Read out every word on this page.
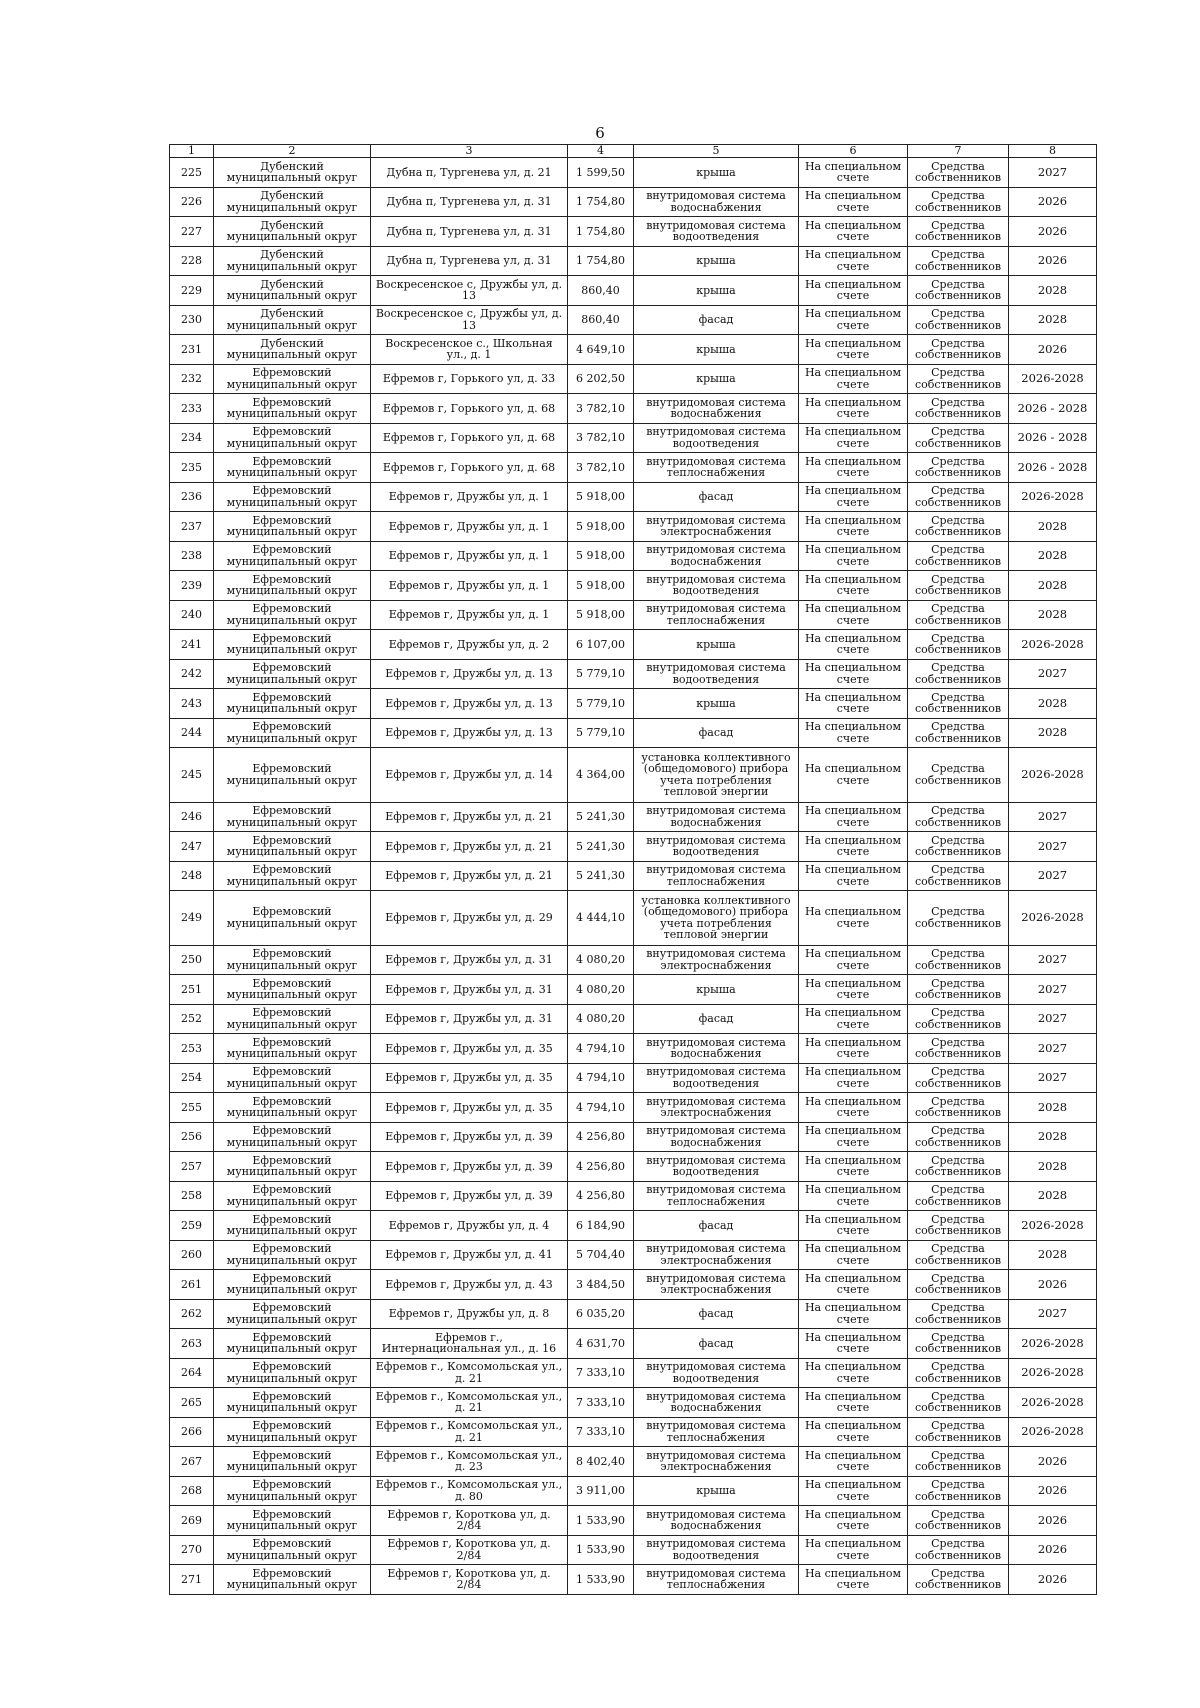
6
1	2	3	4	5	6	7	8
225	Дубенский муниципальный округ	Дубна п, Тургенева ул, д. 21	1 599,50	крыша	На специальном счете	Средства собственников	2027
226	Дубенский муниципальный округ	Дубна п, Тургенева ул, д. 31	1 754,80	внутридомовая система водоснабжения	На специальном счете	Средства собственников	2026
227	Дубенский муниципальный округ	Дубна п, Тургенева ул, д. 31	1 754,80	внутридомовая система водоотведения	На специальном счете	Средства собственников	2026
228	Дубенский муниципальный округ	Дубна п, Тургенева ул, д. 31	1 754,80	крыша	На специальном счете	Средства собственников	2026
229	Дубенский муниципальный округ	Воскресенское с, Дружбы ул, д. 13	860,40	крыша	На специальном счете	Средства собственников	2028
230	Дубенский муниципальный округ	Воскресенское с, Дружбы ул, д. 13	860,40	фасад	На специальном счете	Средства собственников	2028
231	Дубенский муниципальный округ	Воскресенское с., Школьная ул., д. 1	4 649,10	крыша	На специальном счете	Средства собственников	2026
232	Ефремовский муниципальный округ	Ефремов г, Горького ул, д. 33	6 202,50	крыша	На специальном счете	Средства собственников	2026-2028
233	Ефремовский муниципальный округ	Ефремов г, Горького ул, д. 68	3 782,10	внутридомовая система водоснабжения	На специальном счете	Средства собственников	2026 - 2028
234	Ефремовский муниципальный округ	Ефремов г, Горького ул, д. 68	3 782,10	внутридомовая система водоотведения	На специальном счете	Средства собственников	2026 - 2028
235	Ефремовский муниципальный округ	Ефремов г, Горького ул, д. 68	3 782,10	внутридомовая система теплоснабжения	На специальном счете	Средства собственников	2026 - 2028
236	Ефремовский муниципальный округ	Ефремов г, Дружбы ул, д. 1	5 918,00	фасад	На специальном счете	Средства собственников	2026-2028
237	Ефремовский муниципальный округ	Ефремов г, Дружбы ул, д. 1	5 918,00	внутридомовая система электроснабжения	На специальном счете	Средства собственников	2028
238	Ефремовский муниципальный округ	Ефремов г, Дружбы ул, д. 1	5 918,00	внутридомовая система водоснабжения	На специальном счете	Средства собственников	2028
239	Ефремовский муниципальный округ	Ефремов г, Дружбы ул, д. 1	5 918,00	внутридомовая система водоотведения	На специальном счете	Средства собственников	2028
240	Ефремовский муниципальный округ	Ефремов г, Дружбы ул, д. 1	5 918,00	внутридомовая система теплоснабжения	На специальном счете	Средства собственников	2028
241	Ефремовский муниципальный округ	Ефремов г, Дружбы ул, д. 2	6 107,00	крыша	На специальном счете	Средства собственников	2026-2028
242	Ефремовский муниципальный округ	Ефремов г, Дружбы ул, д. 13	5 779,10	внутридомовая система водоотведения	На специальном счете	Средства собственников	2027
243	Ефремовский муниципальный округ	Ефремов г, Дружбы ул, д. 13	5 779,10	крыша	На специальном счете	Средства собственников	2028
244	Ефремовский муниципальный округ	Ефремов г, Дружбы ул, д. 13	5 779,10	фасад	На специальном счете	Средства собственников	2028
245	Ефремовский муниципальный округ	Ефремов г, Дружбы ул, д. 14	4 364,00	установка коллективного (общедомового) прибора учета потребления тепловой энергии	На специальном счете	Средства собственников	2026-2028
246	Ефремовский муниципальный округ	Ефремов г, Дружбы ул, д. 21	5 241,30	внутридомовая система водоснабжения	На специальном счете	Средства собственников	2027
247	Ефремовский муниципальный округ	Ефремов г, Дружбы ул, д. 21	5 241,30	внутридомовая система водоотведения	На специальном счете	Средства собственников	2027
248	Ефремовский муниципальный округ	Ефремов г, Дружбы ул, д. 21	5 241,30	внутридомовая система теплоснабжения	На специальном счете	Средства собственников	2027
249	Ефремовский муниципальный округ	Ефремов г, Дружбы ул, д. 29	4 444,10	установка коллективного (общедомового) прибора учета потребления тепловой энергии	На специальном счете	Средства собственников	2026-2028
250	Ефремовский муниципальный округ	Ефремов г, Дружбы ул, д. 31	4 080,20	внутридомовая система электроснабжения	На специальном счете	Средства собственников	2027
251	Ефремовский муниципальный округ	Ефремов г, Дружбы ул, д. 31	4 080,20	крыша	На специальном счете	Средства собственников	2027
252	Ефремовский муниципальный округ	Ефремов г, Дружбы ул, д. 31	4 080,20	фасад	На специальном счете	Средства собственников	2027
253	Ефремовский муниципальный округ	Ефремов г, Дружбы ул, д. 35	4 794,10	внутридомовая система водоснабжения	На специальном счете	Средства собственников	2027
254	Ефремовский муниципальный округ	Ефремов г, Дружбы ул, д. 35	4 794,10	внутридомовая система водоотведения	На специальном счете	Средства собственников	2027
255	Ефремовский муниципальный округ	Ефремов г, Дружбы ул, д. 35	4 794,10	внутридомовая система электроснабжения	На специальном счете	Средства собственников	2028
256	Ефремовский муниципальный округ	Ефремов г, Дружбы ул, д. 39	4 256,80	внутридомовая система водоснабжения	На специальном счете	Средства собственников	2028
257	Ефремовский муниципальный округ	Ефремов г, Дружбы ул, д. 39	4 256,80	внутридомовая система водоотведения	На специальном счете	Средства собственников	2028
258	Ефремовский муниципальный округ	Ефремов г, Дружбы ул, д. 39	4 256,80	внутридомовая система теплоснабжения	На специальном счете	Средства собственников	2028
259	Ефремовский муниципальный округ	Ефремов г, Дружбы ул, д. 4	6 184,90	фасад	На специальном счете	Средства собственников	2026-2028
260	Ефремовский муниципальный округ	Ефремов г, Дружбы ул, д. 41	5 704,40	внутридомовая система электроснабжения	На специальном счете	Средства собственников	2028
261	Ефремовский муниципальный округ	Ефремов г, Дружбы ул, д. 43	3 484,50	внутридомовая система электроснабжения	На специальном счете	Средства собственников	2026
262	Ефремовский муниципальный округ	Ефремов г, Дружбы ул, д. 8	6 035,20	фасад	На специальном счете	Средства собственников	2027
263	Ефремовский муниципальный округ	Ефремов г., Интернациональная ул., д. 16	4 631,70	фасад	На специальном счете	Средства собственников	2026-2028
264	Ефремовский муниципальный округ	Ефремов г., Комсомольская ул., д. 21	7 333,10	внутридомовая система водоотведения	На специальном счете	Средства собственников	2026-2028
265	Ефремовский муниципальный округ	Ефремов г., Комсомольская ул., д. 21	7 333,10	внутридомовая система водоснабжения	На специальном счете	Средства собственников	2026-2028
266	Ефремовский муниципальный округ	Ефремов г., Комсомольская ул., д. 21	7 333,10	внутридомовая система теплоснабжения	На специальном счете	Средства собственников	2026-2028
267	Ефремовский муниципальный округ	Ефремов г., Комсомольская ул., д. 23	8 402,40	внутридомовая система электроснабжения	На специальном счете	Средства собственников	2026
268	Ефремовский муниципальный округ	Ефремов г., Комсомольская ул., д. 80	3 911,00	крыша	На специальном счете	Средства собственников	2026
269	Ефремовский муниципальный округ	Ефремов г, Короткова ул, д. 2/84	1 533,90	внутридомовая система водоснабжения	На специальном счете	Средства собственников	2026
270	Ефремовский муниципальный округ	Ефремов г, Короткова ул, д. 2/84	1 533,90	внутридомовая система водоотведения	На специальном счете	Средства собственников	2026
271	Ефремовский муниципальный округ	Ефремов г, Короткова ул, д. 2/84	1 533,90	внутридомовая система теплоснабжения	На специальном счете	Средства собственников	2026
